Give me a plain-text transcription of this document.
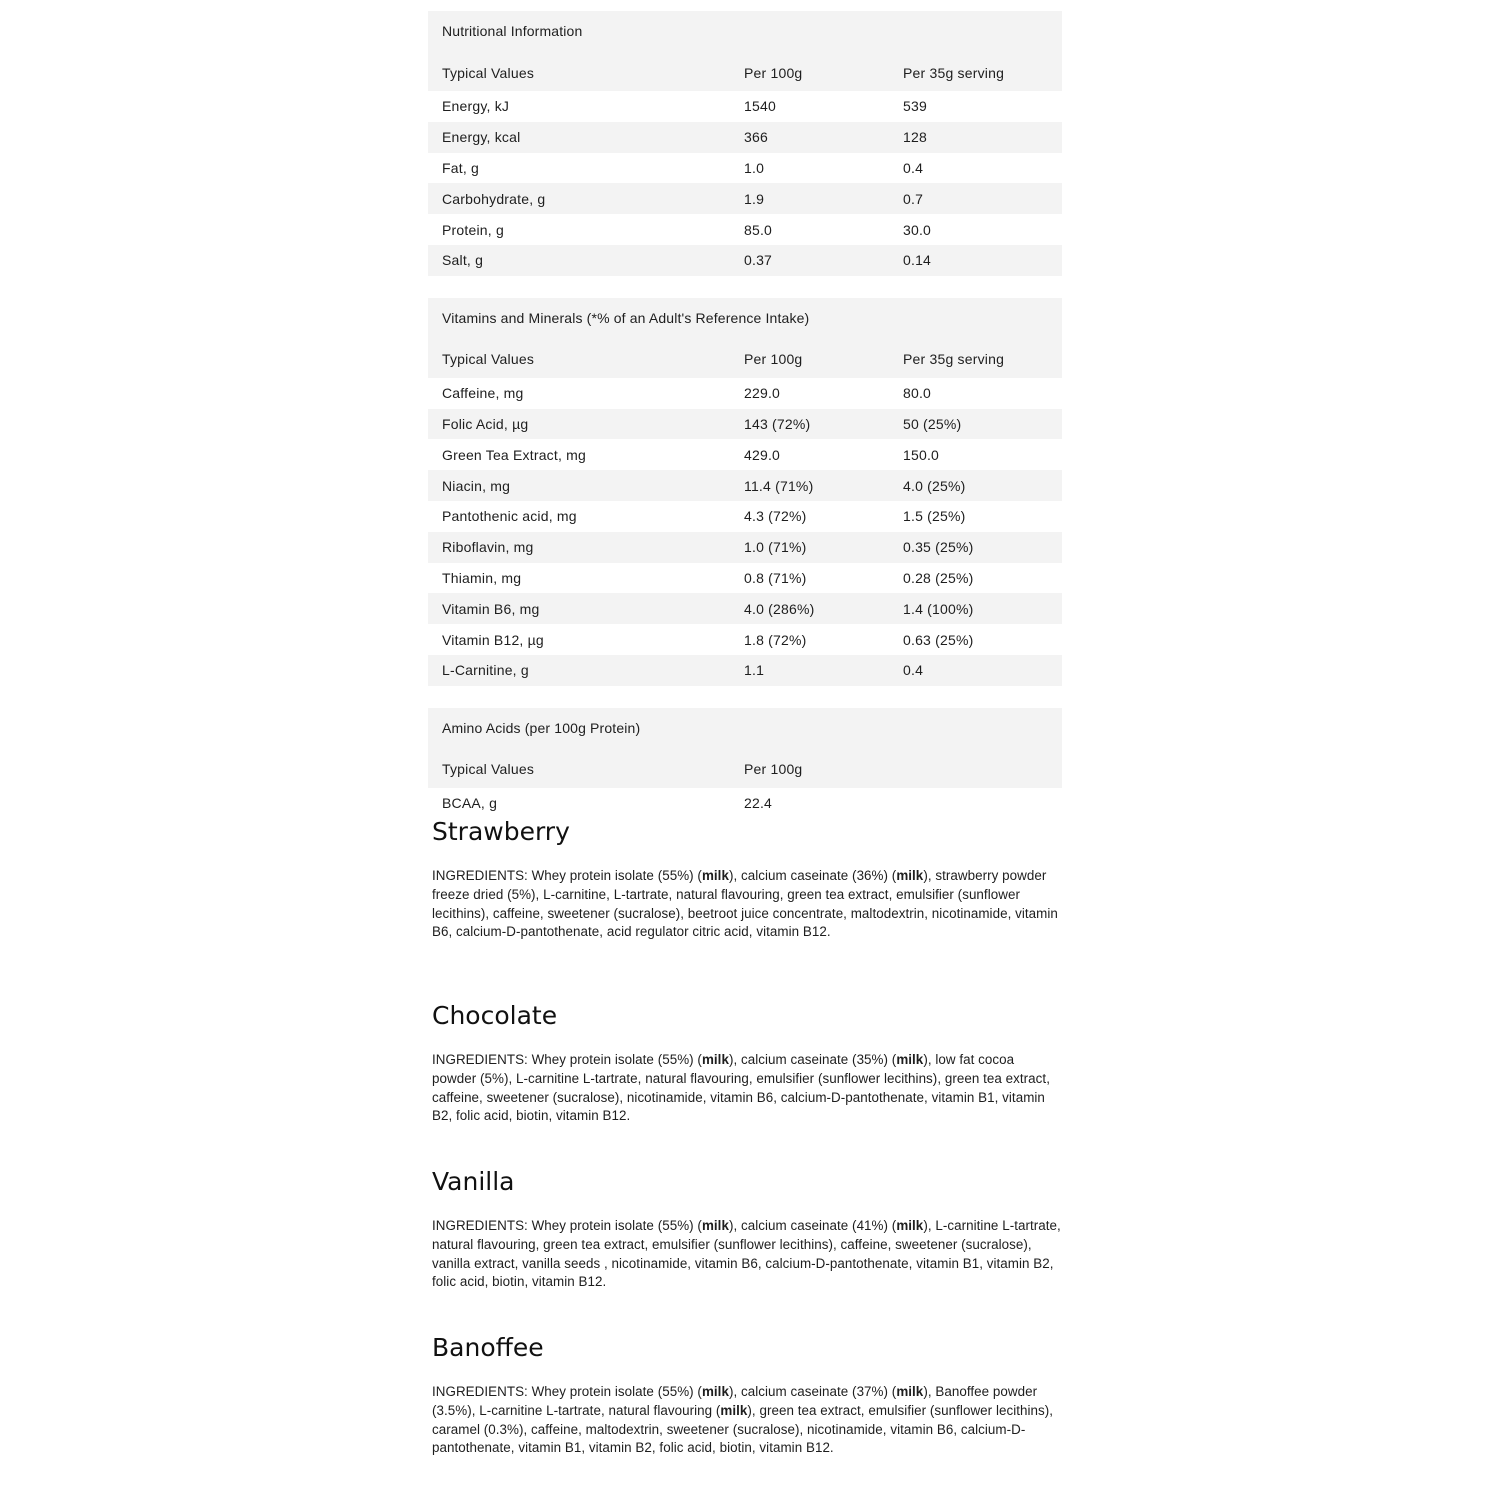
Nutritional Information
Typical Values	Per 100g	Per 35g serving
Energy, kJ	1540	539
Energy, kcal	366	128
Fat, g	1.0	0.4
Carbohydrate, g	1.9	0.7
Protein, g	85.0	30.0
Salt, g	0.37	0.14
Vitamins and Minerals (*% of an Adult's Reference Intake)
Typical Values	Per 100g	Per 35g serving
Caffeine, mg	229.0	80.0
Folic Acid, µg	143 (72%)	50 (25%)
Green Tea Extract, mg	429.0	150.0
Niacin, mg	11.4 (71%)	4.0 (25%)
Pantothenic acid, mg	4.3 (72%)	1.5 (25%)
Riboflavin, mg	1.0 (71%)	0.35 (25%)
Thiamin, mg	0.8 (71%)	0.28 (25%)
Vitamin B6, mg	4.0 (286%)	1.4 (100%)
Vitamin B12, µg	1.8 (72%)	0.63 (25%)
L-Carnitine, g	1.1	0.4
Amino Acids (per 100g Protein)
Typical Values	Per 100g
BCAA, g	22.4
Strawberry

INGREDIENTS: Whey protein isolate (55%) (milk), calcium caseinate (36%) (milk), strawberry powder freeze dried (5%), L-carnitine, L-tartrate, natural flavouring, green tea extract, emulsifier (sunflower lecithins), caffeine, sweetener (sucralose), beetroot juice concentrate, maltodextrin, nicotinamide, vitamin B6, calcium-D-pantothenate, acid regulator citric acid, vitamin B12.

Chocolate

INGREDIENTS: Whey protein isolate (55%) (milk), calcium caseinate (35%) (milk), low fat cocoa powder (5%), L-carnitine L-tartrate, natural flavouring, emulsifier (sunflower lecithins), green tea extract, caffeine, sweetener (sucralose), nicotinamide, vitamin B6, calcium-D-pantothenate, vitamin B1, vitamin B2, folic acid, biotin, vitamin B12.

Vanilla

INGREDIENTS: Whey protein isolate (55%) (milk), calcium caseinate (41%) (milk), L-carnitine L-tartrate, natural flavouring, green tea extract, emulsifier (sunflower lecithins), caffeine, sweetener (sucralose), vanilla extract, vanilla seeds , nicotinamide, vitamin B6, calcium-D-pantothenate, vitamin B1, vitamin B2, folic acid, biotin, vitamin B12.

Banoffee

INGREDIENTS: Whey protein isolate (55%) (milk), calcium caseinate (37%) (milk), Banoffee powder (3.5%), L-carnitine L-tartrate, natural flavouring (milk), green tea extract, emulsifier (sunflower lecithins), caramel (0.3%), caffeine, maltodextrin, sweetener (sucralose), nicotinamide, vitamin B6, calcium-D-pantothenate, vitamin B1, vitamin B2, folic acid, biotin, vitamin B12.
